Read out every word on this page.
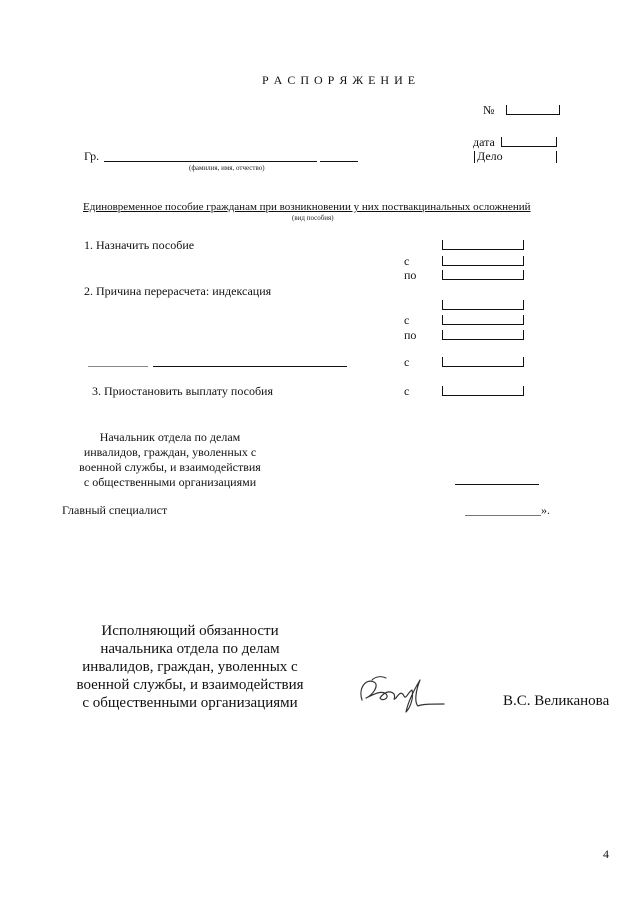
Р А С П О Р Я Ж Е Н И Е
№
дата
Дело
Гр.
(фамилия, имя, отчество)
Единовременное пособие гражданам при возникновении у них поствакцинальных осложнений
(вид пособия)
1. Назначить пособие
с
по
2. Причина перерасчета: индексация
с
по
с
3. Приостановить выплату пособия	с
Начальник отдела по делам
инвалидов, граждан, уволенных с
военной службы, и взаимодействия
с общественными организациями
Главный специалист	».
Исполняющий обязанности
начальника отдела по делам
инвалидов, граждан, уволенных с
военной службы, и взаимодействия
с общественными организациями	В.С. Великанова
4
